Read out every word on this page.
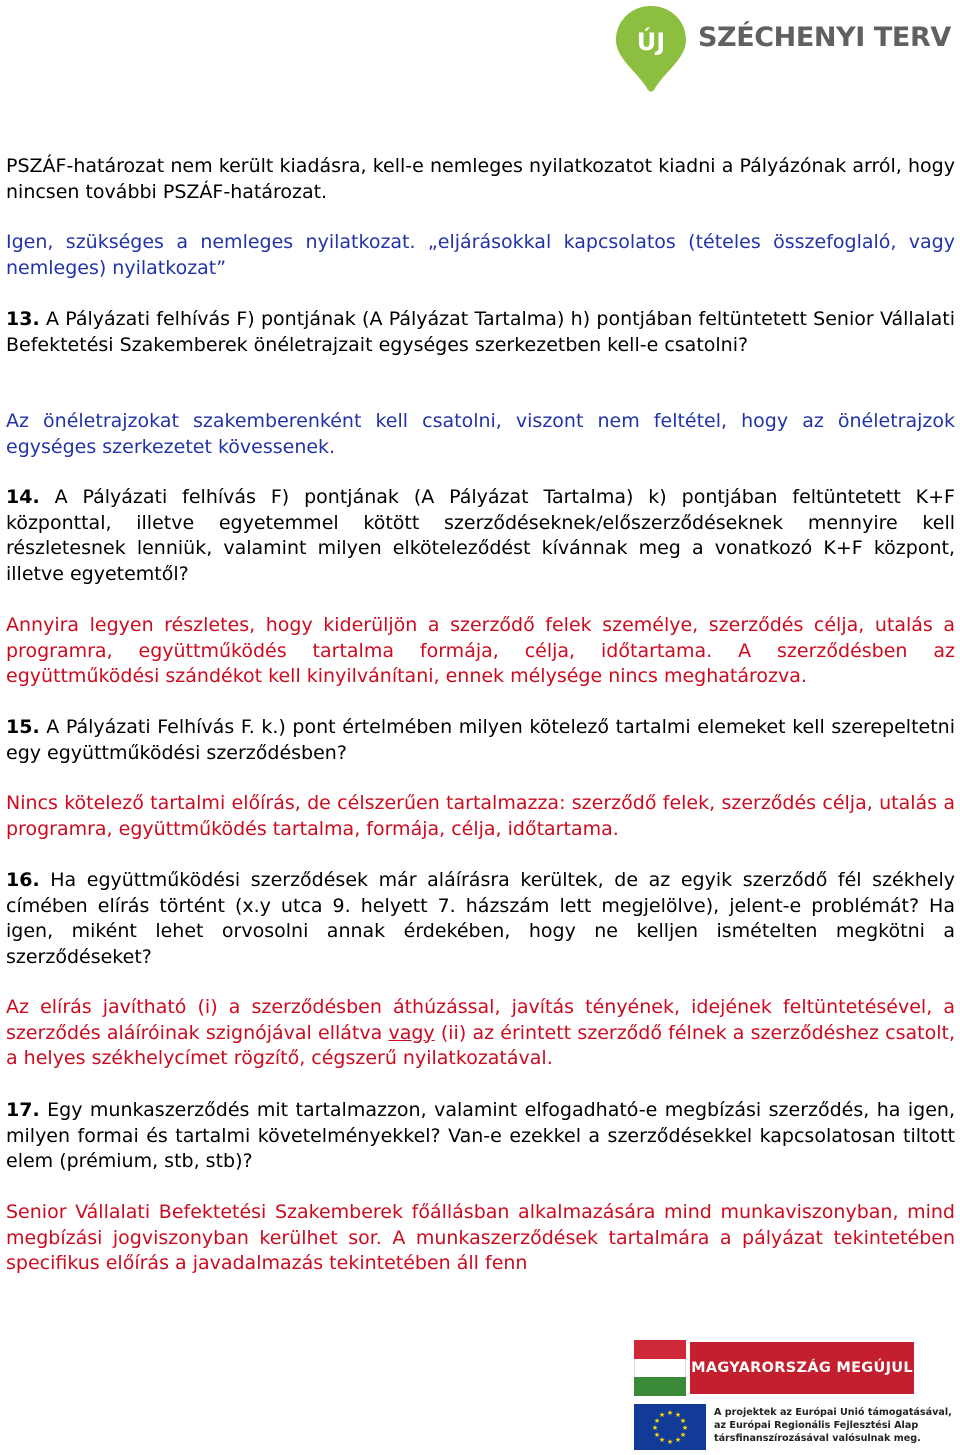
ÚJ SZÉCHENYI TERV
PSZÁF-határozat nem került kiadásra, kell-e nemleges nyilatkozatot kiadni a Pályázónak arról, hogy nincsen további PSZÁF-határozat.
Igen, szükséges a nemleges nyilatkozat. „eljárásokkal kapcsolatos (tételes összefoglaló, vagy nemleges) nyilatkozat”
13. A Pályázati felhívás F) pontjának (A Pályázat Tartalma) h) pontjában feltüntetett Senior Vállalati Befektetési Szakemberek önéletrajzait egységes szerkezetben kell-e csatolni?
Az önéletrajzokat szakemberenként kell csatolni, viszont nem feltétel, hogy az önéletrajzok egységes szerkezetet kövessenek.
14. A Pályázati felhívás F) pontjának (A Pályázat Tartalma) k) pontjában feltüntetett K+F központtal, illetve egyetemmel kötött szerződéseknek/előszerződéseknek mennyire kell részletesnek lenniük, valamint milyen elköteleződést kívánnak meg a vonatkozó K+F központ, illetve egyetemtől?
Annyira legyen részletes, hogy kiderüljön a szerződő felek személye, szerződés célja, utalás a programra, együttműködés tartalma formája, célja, időtartama. A szerződésben az együttműködési szándékot kell kinyilvánítani, ennek mélysége nincs meghatározva.
15. A Pályázati Felhívás F. k.) pont értelmében milyen kötelező tartalmi elemeket kell szerepeltetni egy együttműködési szerződésben?
Nincs kötelező tartalmi előírás, de célszerűen tartalmazza: szerződő felek, szerződés célja, utalás a programra, együttműködés tartalma, formája, célja, időtartama.
16. Ha együttműködési szerződések már aláírásra kerültek, de az egyik szerződő fél székhely címében elírás történt (x.y utca 9. helyett 7. házszám lett megjelölve), jelent-e problémát? Ha igen, miként lehet orvosolni annak érdekében, hogy ne kelljen ismételten megkötni a szerződéseket?
Az elírás javítható (i) a szerződésben áthúzással, javítás tényének, idejének feltüntetésével, a szerződés aláíróinak szignójával ellátva vagy (ii) az érintett szerződő félnek a szerződéshez csatolt, a helyes székhelycímet rögzítő, cégszerű nyilatkozatával.
17. Egy munkaszerződés mit tartalmazzon, valamint elfogadható-e megbízási szerződés, ha igen, milyen formai és tartalmi követelményekkel? Van-e ezekkel a szerződésekkel kapcsolatosan tiltott elem (prémium, stb, stb)?
Senior Vállalati Befektetési Szakemberek főállásban alkalmazására mind munkaviszonyban, mind megbízási jogviszonyban kerülhet sor. A munkaszerződések tartalmára a pályázat tekintetében specifikus előírás a javadalmazás tekintetében áll fenn
MAGYARORSZÁG MEGÚJUL
★ ★
★
★
★
★
★
★
★
★
★
★	A projektek az Európai Unió támogatásával,
az Európai Regionális Fejlesztési Alap
társfinanszírozásával valósulnak meg.
